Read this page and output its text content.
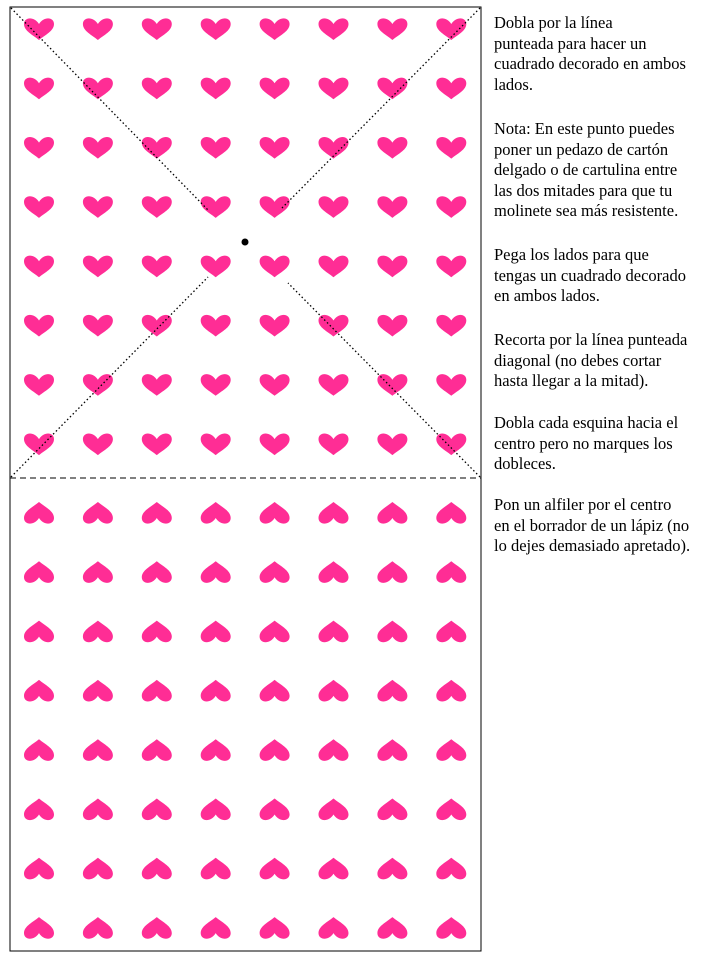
Dobla por la línea
punteada para hacer un
cuadrado decorado en ambos
lados.
Nota: En este punto puedes
poner un pedazo de cartón
delgado o de cartulina entre
las dos mitades para que tu
molinete sea más resistente.
Pega los lados para que
tengas un cuadrado decorado
en ambos lados.
Recorta por la línea punteada
diagonal (no debes cortar
hasta llegar a la mitad).
Dobla cada esquina hacia el
centro pero no marques los
dobleces.
Pon un alfiler por el centro
en el borrador de un lápiz (no
lo dejes demasiado apretado).
